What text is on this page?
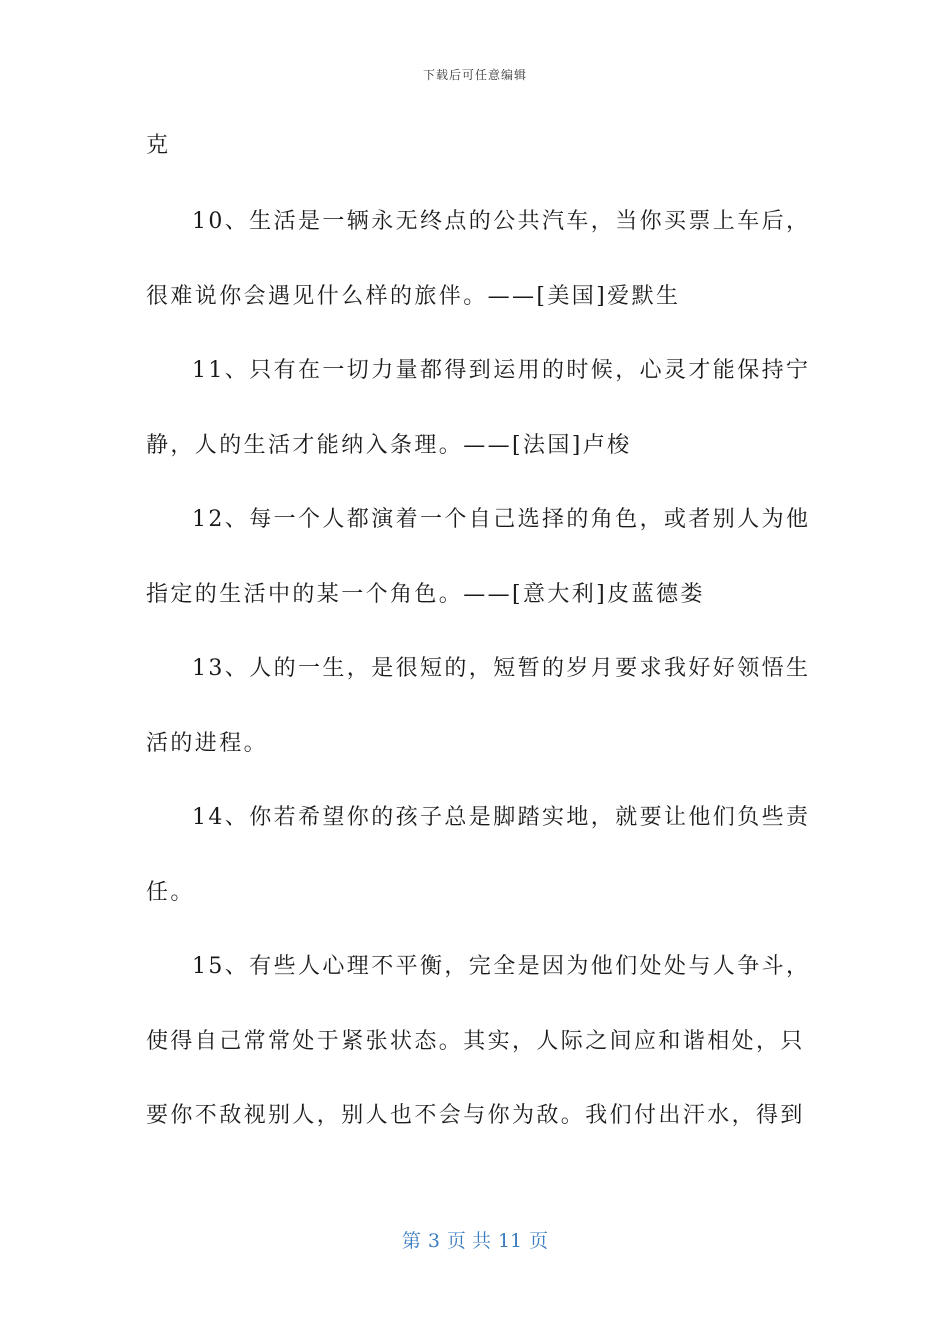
下载后可任意编辑
克
10、生活是一辆永无终点的公共汽车，当你买票上车后，
很难说你会遇见什么样的旅伴。——[美国]爱默生
11、只有在一切力量都得到运用的时候，心灵才能保持宁
静，人的生活才能纳入条理。——[法国]卢梭
12、每一个人都演着一个自己选择的角色，或者别人为他
指定的生活中的某一个角色。——[意大利]皮蓝德娄
13、人的一生，是很短的，短暂的岁月要求我好好领悟生
活的进程。
14、你若希望你的孩子总是脚踏实地，就要让他们负些责
任。
15、有些人心理不平衡，完全是因为他们处处与人争斗，
使得自己常常处于紧张状态。其实，人际之间应和谐相处，只
要你不敌视别人，别人也不会与你为敌。我们付出汗水，得到
第 3 页 共 11 页
